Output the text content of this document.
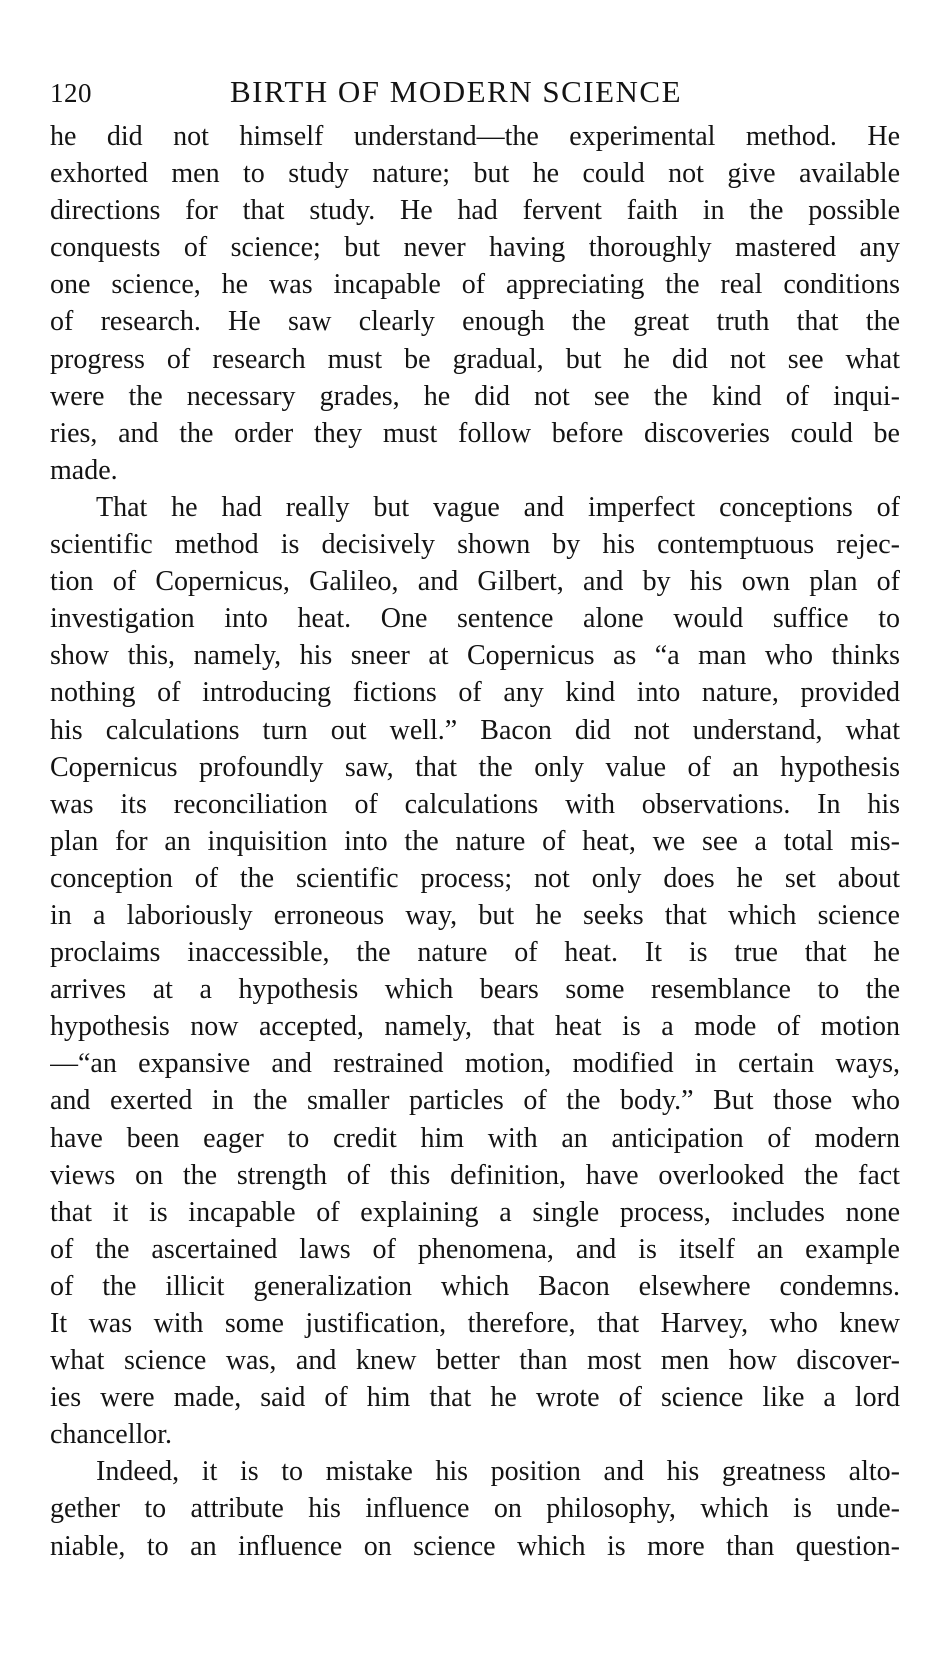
120	BIRTH OF MODERN SCIENCE

he did not himself understand—the experimental method. He
exhorted men to study nature; but he could not give available
directions for that study. He had fervent faith in the possible
conquests of science; but never having thoroughly mastered any
one science, he was incapable of appreciating the real conditions
of research. He saw clearly enough the great truth that the
progress of research must be gradual, but he did not see what
were the necessary grades, he did not see the kind of inqui-
ries, and the order they must follow before discoveries could be
made.

That he had really but vague and imperfect conceptions of
scientific method is decisively shown by his contemptuous rejec-
tion of Copernicus, Galileo, and Gilbert, and by his own plan of
investigation into heat. One sentence alone would suffice to
show this, namely, his sneer at Copernicus as “a man who thinks
nothing of introducing fictions of any kind into nature, provided
his calculations turn out well.” Bacon did not understand, what
Copernicus profoundly saw, that the only value of an hypothesis
was its reconciliation of calculations with observations. In his
plan for an inquisition into the nature of heat, we see a total mis-
conception of the scientific process; not only does he set about
in a laboriously erroneous way, but he seeks that which science
proclaims inaccessible, the nature of heat. It is true that he
arrives at a hypothesis which bears some resemblance to the
hypothesis now accepted, namely, that heat is a mode of motion
—“an expansive and restrained motion, modified in certain ways,
and exerted in the smaller particles of the body.” But those who
have been eager to credit him with an anticipation of modern
views on the strength of this definition, have overlooked the fact
that it is incapable of explaining a single process, includes none
of the ascertained laws of phenomena, and is itself an example
of the illicit generalization which Bacon elsewhere condemns.
It was with some justification, therefore, that Harvey, who knew
what science was, and knew better than most men how discover-
ies were made, said of him that he wrote of science like a lord
chancellor.

Indeed, it is to mistake his position and his greatness alto-
gether to attribute his influence on philosophy, which is unde-
niable, to an influence on science which is more than question-
